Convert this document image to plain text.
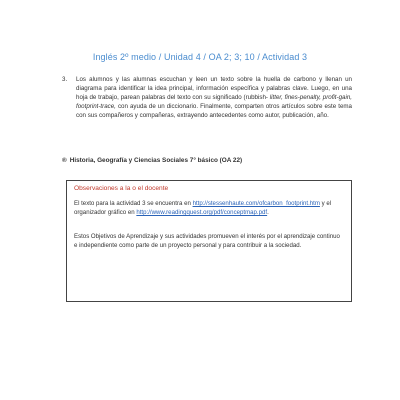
Inglés 2º medio / Unidad 4 / OA 2; 3; 10 / Actividad 3
3. Los alumnos y las alumnas escuchan y leen un texto sobre la huella de carbono y llenan un diagrama para identificar la idea principal, información específica y palabras clave. Luego, en una hoja de trabajo, parean palabras del texto con su significado (rubbish- litter, fines-penalty, profit-gain, footprint-trace, con ayuda de un diccionario. Finalmente, comparten otros artículos sobre este tema con sus compañeros y compañeras, extrayendo antecedentes como autor, publicación, año.
® Historia, Geografía y Ciencias Sociales 7° básico (OA 22)
Observaciones a la o el docente
El texto para la actividad 3 se encuentra en http://stessenhaute.com/ofcarbon_footprint.htm y el organizador gráfico en http://www.readingquest.org/pdf/conceptmap.pdf.
Estos Objetivos de Aprendizaje y sus actividades promueven el interés por el aprendizaje continuo e independiente como parte de un proyecto personal y para contribuir a la sociedad.
